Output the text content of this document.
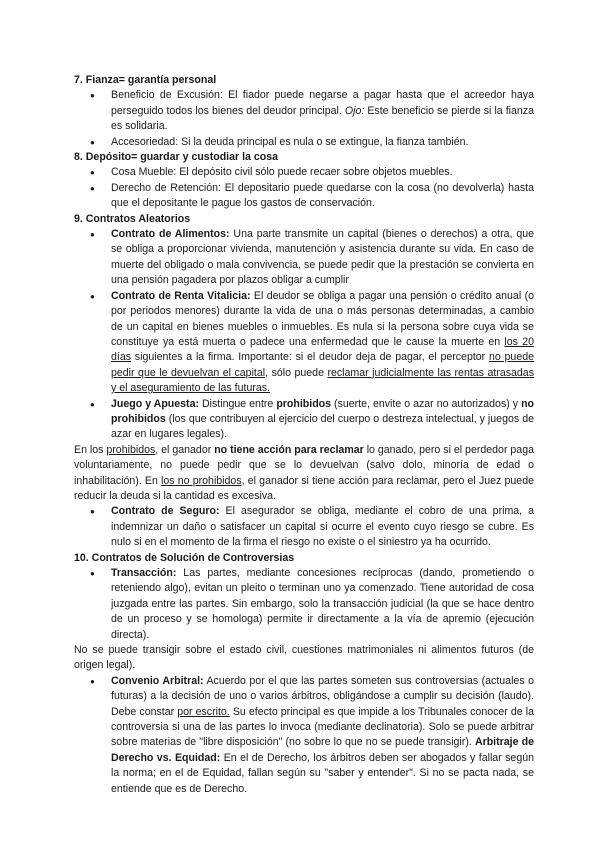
7. Fianza= garantía personal

● Beneficio de Excusión: El fiador puede negarse a pagar hasta que el acreedor haya perseguido todos los bienes del deudor principal. Ojo: Este beneficio se pierde si la fianza es solidaria.
● Accesoriedad: Si la deuda principal es nula o se extingue, la fianza también.

8. Depósito= guardar y custodiar la cosa

● Cosa Mueble: El depósito civil sólo puede recaer sobre objetos muebles.
● Derecho de Retención: El depositario puede quedarse con la cosa (no devolverla) hasta que el depositante le pague los gastos de conservación.

9. Contratos Aleatorios

● Contrato de Alimentos: Una parte transmite un capital (bienes o derechos) a otra, que se obliga a proporcionar vivienda, manutención y asistencia durante su vida. En caso de muerte del obligado o mala convivencia, se puede pedir que la prestación se convierta en una pensión pagadera por plazos obligar a cumplir
● Contrato de Renta Vitalicia: El deudor se obliga a pagar una pensión o crédito anual (o por periodos menores) durante la vida de una o más personas determinadas, a cambio de un capital en bienes muebles o inmuebles. Es nula si la persona sobre cuya vida se constituye ya está muerta o padece una enfermedad que le cause la muerte en los 20 días siguientes a la firma. Importante: si el deudor deja de pagar, el perceptor no puede pedir que le devuelvan el capital, sólo puede reclamar judicialmente las rentas atrasadas y el aseguramiento de las futuras.
● Juego y Apuesta: Distingue entre prohibidos (suerte, envite o azar no autorizados) y no prohibidos (los que contribuyen al ejercicio del cuerpo o destreza intelectual, y juegos de azar en lugares legales).

En los prohibidos, el ganador no tiene acción para reclamar lo ganado, pero si el perdedor paga voluntariamente, no puede pedir que se lo devuelvan (salvo dolo, minoría de edad o inhabilitación). En los no prohibidos, el ganador si tiene acción para reclamar, pero el Juez puede reducir la deuda si la cantidad es excesiva.

● Contrato de Seguro: El asegurador se obliga, mediante el cobro de una prima, a indemnizar un daño o satisfacer un capital si ocurre el evento cuyo riesgo se cubre. Es nulo si en el momento de la firma el riesgo no existe o el siniestro ya ha ocurrido.

10. Contratos de Solución de Controversias

● Transacción: Las partes, mediante concesiones recíprocas (dando, prometiendo o reteniendo algo), evitan un pleito o terminan uno ya comenzado. Tiene autoridad de cosa juzgada entre las partes. Sin embargo, solo la transacción judicial (la que se hace dentro de un proceso y se homologa) permite ir directamente a la vía de apremio (ejecución directa).

No se puede transigir sobre el estado civil, cuestiones matrimoniales ni alimentos futuros (de origen legal).

● Convenio Arbitral: Acuerdo por el que las partes someten sus controversias (actuales o futuras) a la decisión de uno o varios árbitros, obligándose a cumplir su decisión (laudo). Debe constar por escrito. Su efecto principal es que impide a los Tribunales conocer de la controversia si una de las partes lo invoca (mediante declinatoria). Solo se puede arbitrar sobre materias de "libre disposición" (no sobre lo que no se puede transigir). Arbitraje de Derecho vs. Equidad: En el de Derecho, los árbitros deben ser abogados y fallar según la norma; en el de Equidad, fallan según su "saber y entender". Si no se pacta nada, se entiende que es de Derecho.
